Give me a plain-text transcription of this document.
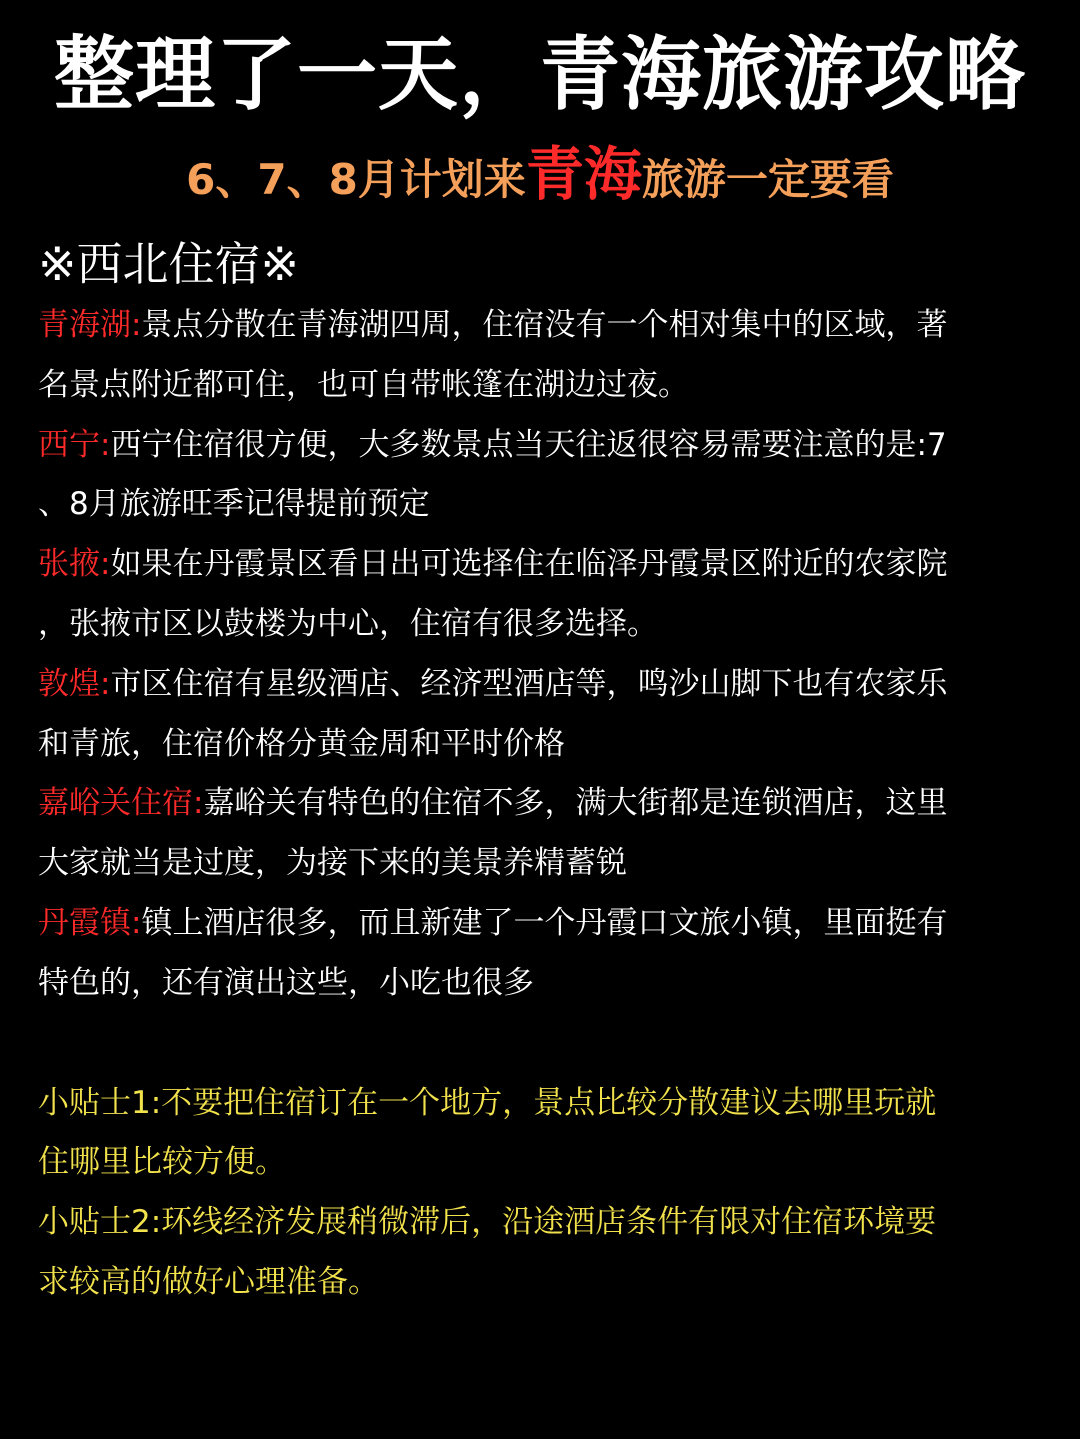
整理了一天，青海旅游攻略
6、7、8月计划来青海旅游一定要看
※西北住宿※
青海湖:景点分散在青海湖四周，住宿没有一个相对集中的区域，著
名景点附近都可住，也可自带帐篷在湖边过夜。
西宁:西宁住宿很方便，大多数景点当天往返很容易需要注意的是:7
、8月旅游旺季记得提前预定
张掖:如果在丹霞景区看日出可选择住在临泽丹霞景区附近的农家院
，张掖市区以鼓楼为中心，住宿有很多选择。
敦煌:市区住宿有星级酒店、经济型酒店等，鸣沙山脚下也有农家乐
和青旅，住宿价格分黄金周和平时价格
嘉峪关住宿:嘉峪关有特色的住宿不多，满大街都是连锁酒店，这里
大家就当是过度，为接下来的美景养精蓄锐
丹霞镇:镇上酒店很多，而且新建了一个丹霞口文旅小镇，里面挺有
特色的，还有演出这些，小吃也很多
小贴士1:不要把住宿订在一个地方，景点比较分散建议去哪里玩就
住哪里比较方便。
小贴士2:环线经济发展稍微滞后，沿途酒店条件有限对住宿环境要
求较高的做好心理准备。
